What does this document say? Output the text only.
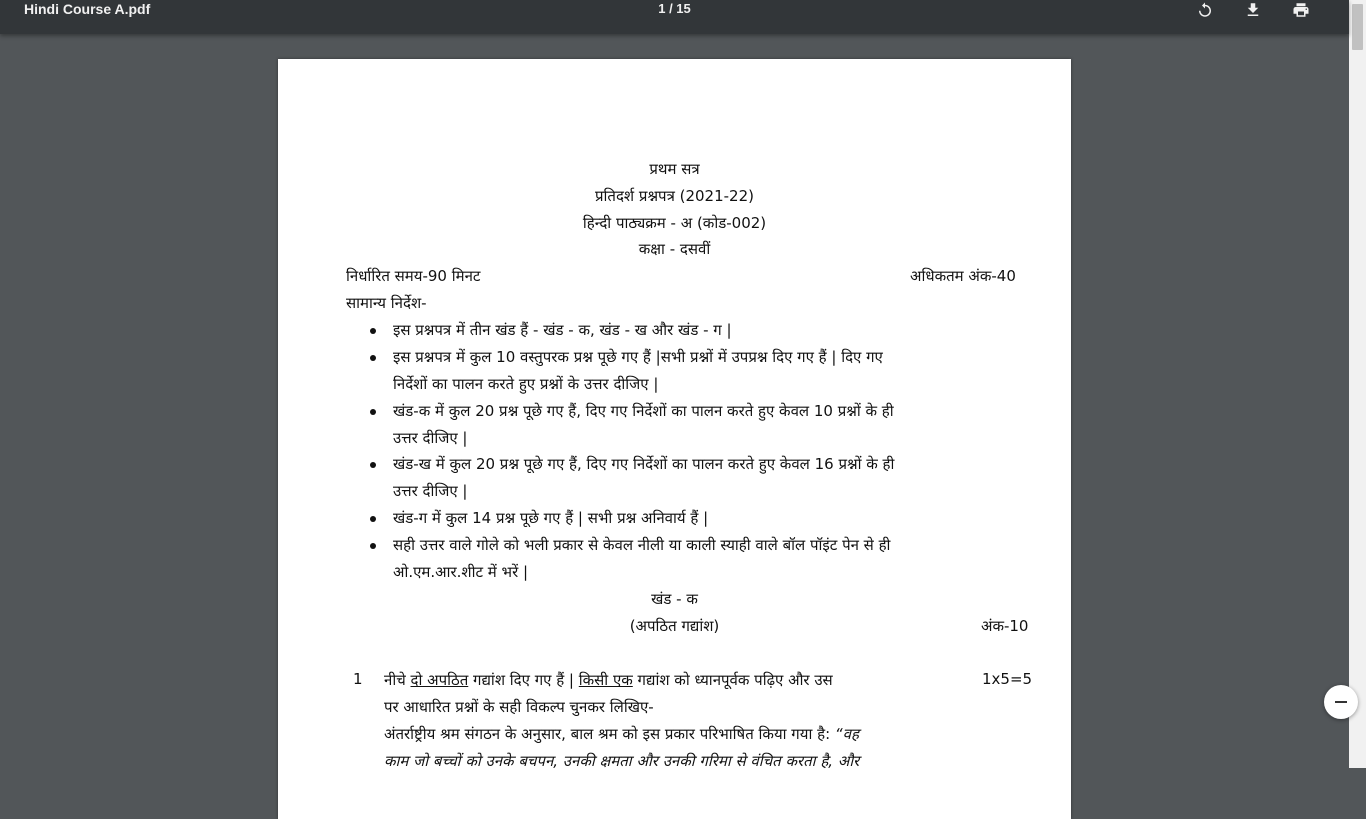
Hindi Course A.pdf	1 / 15
प्रथम सत्र
प्रतिदर्श प्रश्नपत्र (2021-22)
हिन्दी पाठ्यक्रम - अ (कोड-002)
कक्षा - दसवीं
निर्धारित समय-90 मिनट	अधिकतम अंक-40
सामान्य निर्देश-
इस प्रश्नपत्र में तीन खंड हैं - खंड - क, खंड - ख और खंड - ग |
इस प्रश्नपत्र में कुल 10 वस्तुपरक प्रश्न पूछे गए हैं |सभी प्रश्नों में उपप्रश्न दिए गए हैं | दिए गए
निर्देशों का पालन करते हुए प्रश्नों के उत्तर दीजिए |
खंड-क में कुल 20 प्रश्न पूछे गए हैं, दिए गए निर्देशों का पालन करते हुए केवल 10 प्रश्नों के ही
उत्तर दीजिए |
खंड-ख में कुल 20 प्रश्न पूछे गए हैं, दिए गए निर्देशों का पालन करते हुए केवल 16 प्रश्नों के ही
उत्तर दीजिए |
खंड-ग में कुल 14 प्रश्न पूछे गए हैं | सभी प्रश्न अनिवार्य हैं |
सही उत्तर वाले गोले को भली प्रकार से केवल नीली या काली स्याही वाले बॉल पॉइंट पेन से ही
ओ.एम.आर.शीट में भरें |
खंड - क
(अपठित गद्यांश)	अंक-10
1 नीचे दो अपठित गद्यांश दिए गए हैं | किसी एक गद्यांश को ध्यानपूर्वक पढ़िए और उस	1x5=5
पर आधारित प्रश्नों के सही विकल्प चुनकर लिखिए-
अंतर्राष्ट्रीय श्रम संगठन के अनुसार, बाल श्रम को इस प्रकार परिभाषित किया गया है: “वह
काम जो बच्चों को उनके बचपन, उनकी क्षमता और उनकी गरिमा से वंचित करता है, और
